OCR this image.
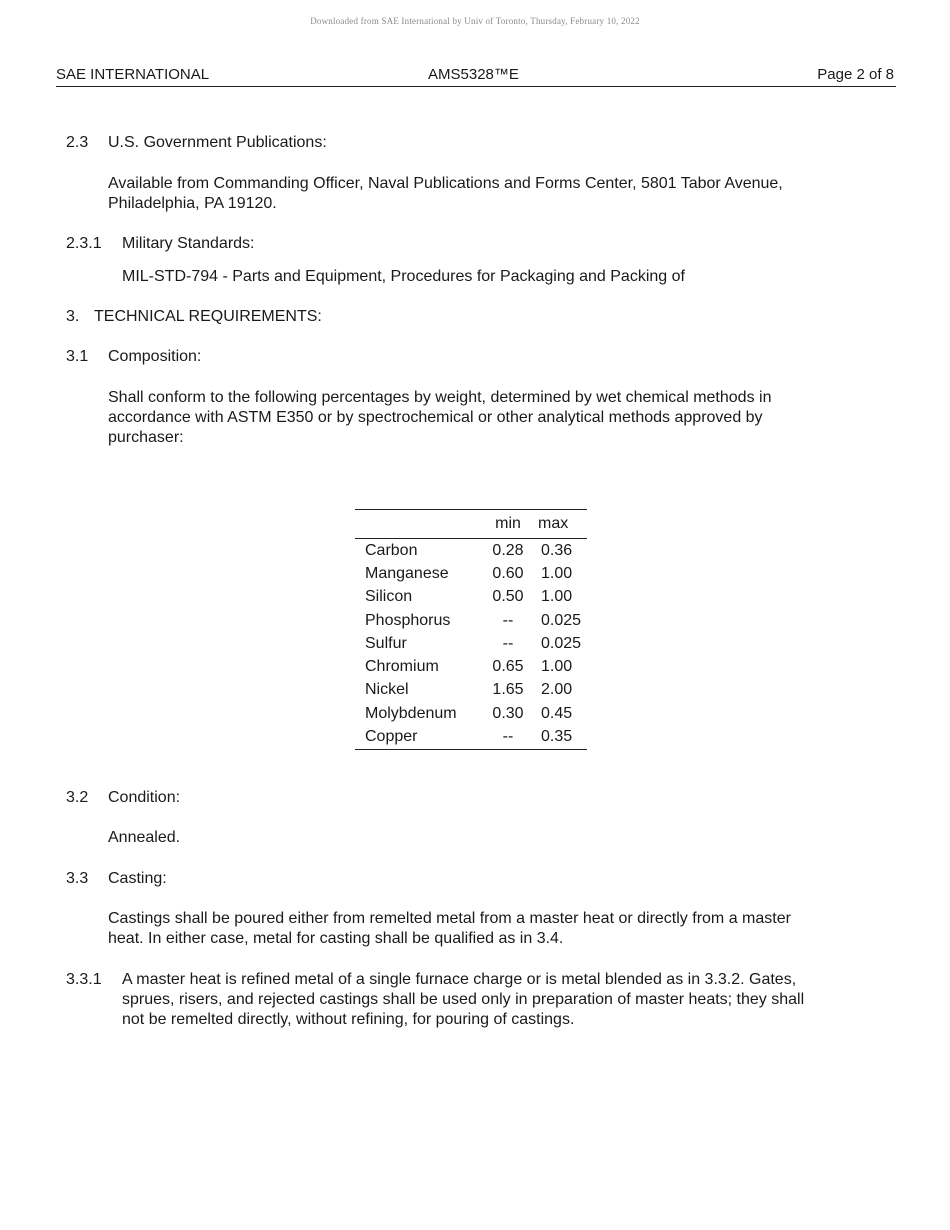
Downloaded from SAE International by Univ of Toronto, Thursday, February 10, 2022
SAE INTERNATIONAL	AMS5328™E	Page 2 of 8
2.3 U.S. Government Publications:
Available from Commanding Officer, Naval Publications and Forms Center, 5801 Tabor Avenue,
Philadelphia, PA 19120.
2.3.1 Military Standards:
MIL-STD-794 - Parts and Equipment, Procedures for Packaging and Packing of
3. TECHNICAL REQUIREMENTS:
3.1 Composition:
Shall conform to the following percentages by weight, determined by wet chemical methods in
accordance with ASTM E350 or by spectrochemical or other analytical methods approved by
purchaser:
	min	max
Carbon	0.28	0.36
Manganese	0.60	1.00
Silicon	0.50	1.00
Phosphorus	--	0.025
Sulfur	--	0.025
Chromium	0.65	1.00
Nickel	1.65	2.00
Molybdenum	0.30	0.45
Copper	--	0.35
3.2 Condition:
Annealed.
3.3 Casting:
Castings shall be poured either from remelted metal from a master heat or directly from a master
heat. In either case, metal for casting shall be qualified as in 3.4.
3.3.1 A master heat is refined metal of a single furnace charge or is metal blended as in 3.3.2. Gates,
sprues, risers, and rejected castings shall be used only in preparation of master heats; they shall
not be remelted directly, without refining, for pouring of castings.
